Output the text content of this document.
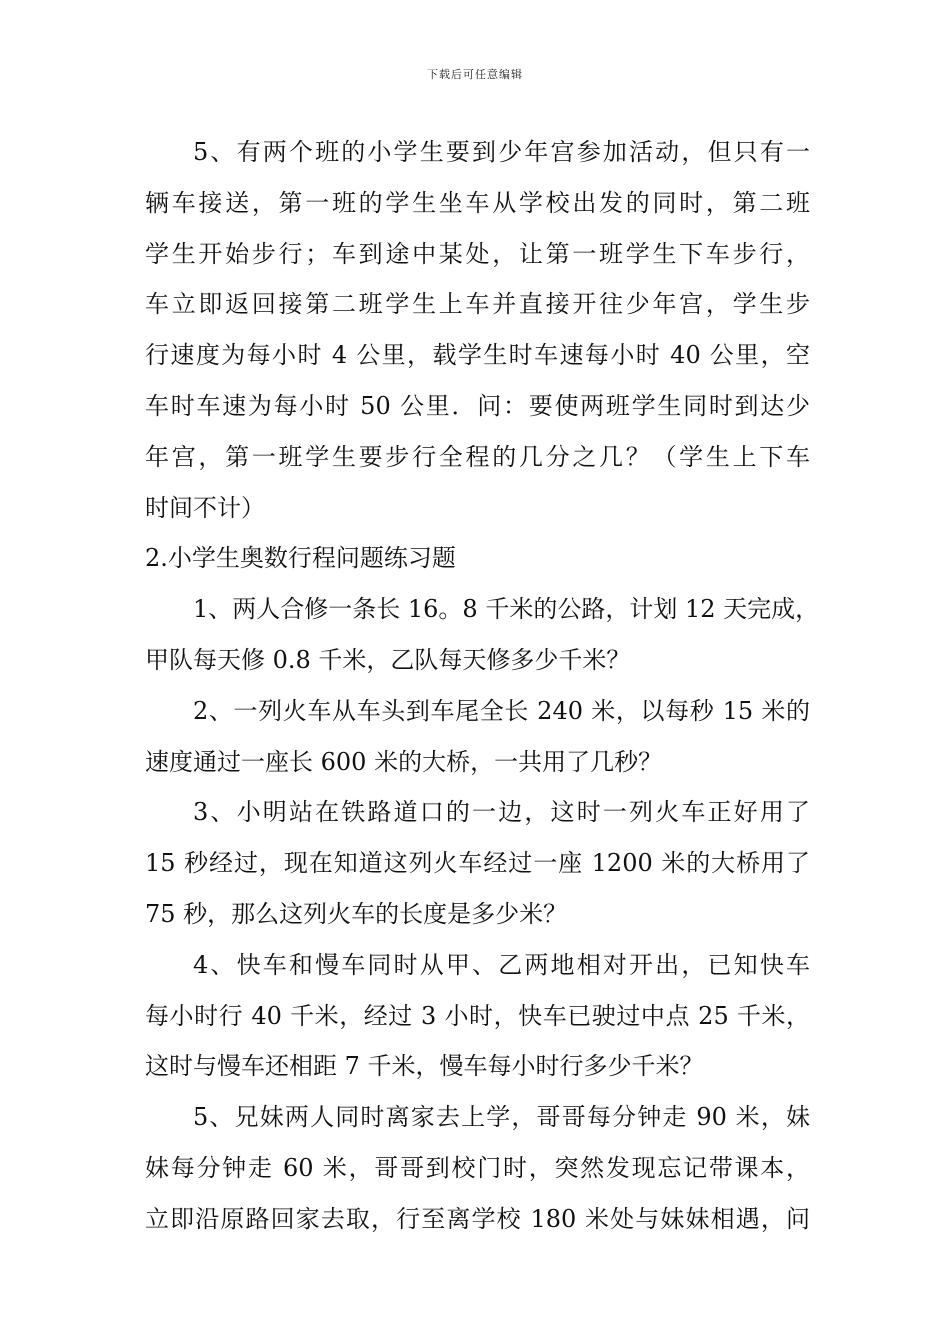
下载后可任意编辑
5、有两个班的小学生要到少年宫参加活动，但只有一
辆车接送，第一班的学生坐车从学校出发的同时，第二班
学生开始步行；车到途中某处，让第一班学生下车步行，
车立即返回接第二班学生上车并直接开往少年宫，学生步
行速度为每小时 4 公里，载学生时车速每小时 40 公里，空
车时车速为每小时 50 公里．问：要使两班学生同时到达少
年宫，第一班学生要步行全程的几分之几？（学生上下车
时间不计）
2.小学生奥数行程问题练习题
1、两人合修一条长 16。8 千米的公路，计划 12 天完成，
甲队每天修 0.8 千米，乙队每天修多少千米？
2、一列火车从车头到车尾全长 240 米，以每秒 15 米的
速度通过一座长 600 米的大桥，一共用了几秒？
3、小明站在铁路道口的一边，这时一列火车正好用了
15 秒经过，现在知道这列火车经过一座 1200 米的大桥用了
75 秒，那么这列火车的长度是多少米？
4、快车和慢车同时从甲、乙两地相对开出，已知快车
每小时行 40 千米，经过 3 小时，快车已驶过中点 25 千米，
这时与慢车还相距 7 千米，慢车每小时行多少千米？
5、兄妹两人同时离家去上学，哥哥每分钟走 90 米，妹
妹每分钟走 60 米，哥哥到校门时，突然发现忘记带课本，
立即沿原路回家去取，行至离学校 180 米处与妹妹相遇，问
